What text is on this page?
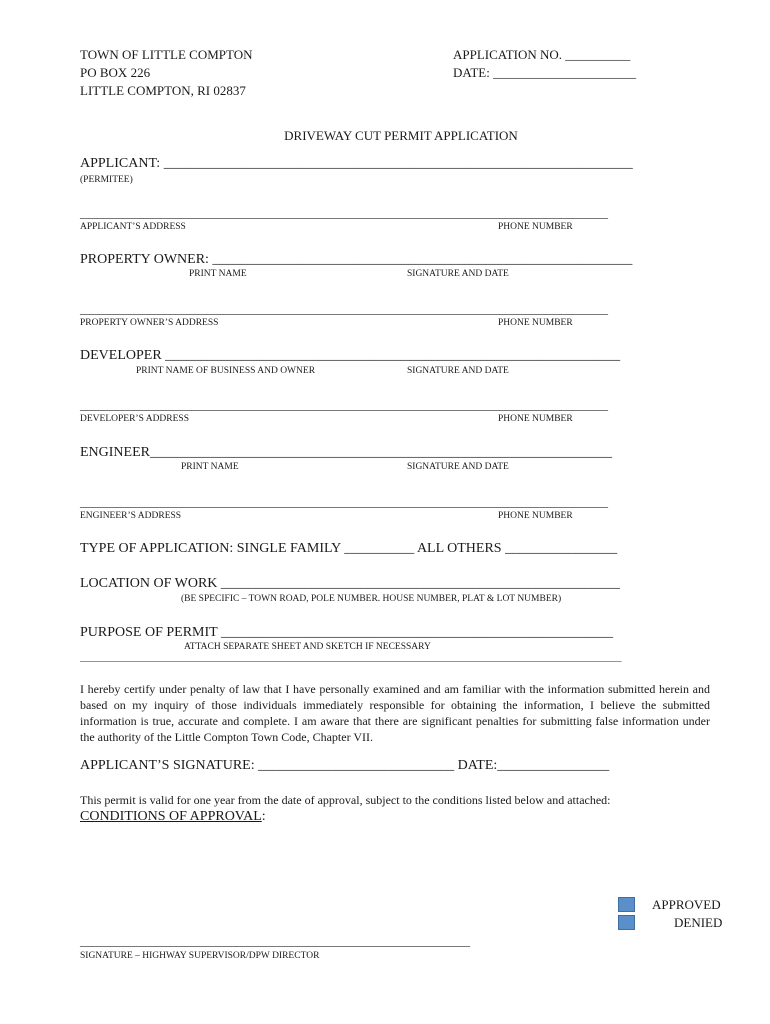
TOWN OF LITTLE COMPTON
PO BOX 226
LITTLE COMPTON, RI 02837
APPLICATION NO. __________
DATE: ______________________
DRIVEWAY CUT PERMIT APPLICATION
APPLICANT: ___________________________________________________________________
(PERMITEE)
________________________________________________________________________________________
APPLICANT’S ADDRESS	PHONE NUMBER
PROPERTY OWNER: ____________________________________________________________
PRINT NAME	SIGNATURE AND DATE
________________________________________________________________________________________
PROPERTY OWNER’S ADDRESS	PHONE NUMBER
DEVELOPER _________________________________________________________________
PRINT NAME OF BUSINESS AND OWNER	SIGNATURE AND DATE
________________________________________________________________________________________
DEVELOPER’S ADDRESS	PHONE NUMBER
ENGINEER__________________________________________________________________
PRINT NAME	SIGNATURE AND DATE
________________________________________________________________________________________
ENGINEER’S ADDRESS	PHONE NUMBER
TYPE OF APPLICATION: SINGLE FAMILY __________ ALL OTHERS ________________
LOCATION OF WORK _________________________________________________________
(BE SPECIFIC – TOWN ROAD, POLE NUMBER. HOUSE NUMBER, PLAT & LOT NUMBER)
PURPOSE OF PERMIT ________________________________________________________
ATTACH SEPARATE SHEET AND SKETCH IF NECESSARY
__________________________________________________________________________________________________________________
I hereby certify under penalty of law that I have personally examined and am familiar with the information submitted herein and based on my inquiry of those individuals immediately responsible for obtaining the information, I believe the submitted information is true, accurate and complete. I am aware that there are significant penalties for submitting false information under the authority of the Little Compton Town Code, Chapter VII.
APPLICANT’S SIGNATURE: ____________________________ DATE:________________
This permit is valid for one year from the date of approval, subject to the conditions listed below and attached:
CONDITIONS OF APPROVAL:
APPROVED
DENIED
_________________________________________________________________
SIGNATURE – HIGHWAY SUPERVISOR/DPW DIRECTOR
